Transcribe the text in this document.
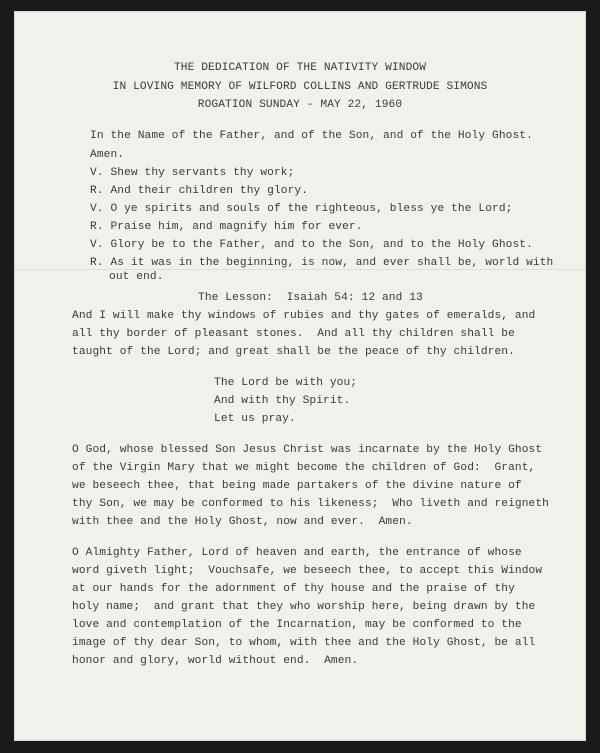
THE DEDICATION OF THE NATIVITY WINDOW
IN LOVING MEMORY OF WILFORD COLLINS AND GERTRUDE SIMONS
ROGATION SUNDAY - MAY 22, 1960
In the Name of the Father, and of the Son, and of the Holy Ghost.
Amen.
V. Shew thy servants thy work;
R. And their children thy glory.
V. O ye spirits and souls of the righteous, bless ye the Lord;
R. Praise him, and magnify him for ever.
V. Glory be to the Father, and to the Son, and to the Holy Ghost.
R. As it was in the beginning, is now, and ever shall be, world with
out end.
The Lesson:  Isaiah 54: 12 and 13
And I will make thy windows of rubies and thy gates of emeralds, and
all thy border of pleasant stones.  And all thy children shall be
taught of the Lord; and great shall be the peace of thy children.
The Lord be with you;
And with thy Spirit.
Let us pray.
O God, whose blessed Son Jesus Christ was incarnate by the Holy Ghost
of the Virgin Mary that we might become the children of God:  Grant,
we beseech thee, that being made partakers of the divine nature of
thy Son, we may be conformed to his likeness;  Who liveth and reigneth
with thee and the Holy Ghost, now and ever.  Amen.
O Almighty Father, Lord of heaven and earth, the entrance of whose
word giveth light;  Vouchsafe, we beseech thee, to accept this Window
at our hands for the adornment of thy house and the praise of thy
holy name;  and grant that they who worship here, being drawn by the
love and contemplation of the Incarnation, may be conformed to the
image of thy dear Son, to whom, with thee and the Holy Ghost, be all
honor and glory, world without end.  Amen.
